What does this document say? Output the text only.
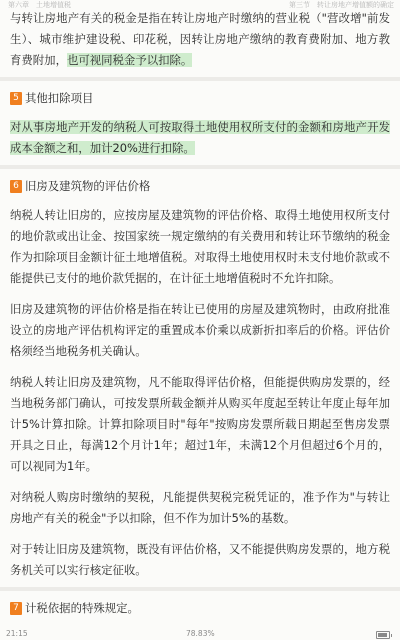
第六章　土地增值税	第三节　转让房地产增值额的确定

与转让房地产有关的税金是指在转让房地产时缴纳的营业税（"营改增"前发生）、城市维护建设税、印花税，因转让房地产缴纳的教育费附加、地方教育费附加，也可视同税金予以扣除。

5 其他扣除项目

对从事房地产开发的纳税人可按取得土地使用权所支付的金额和房地产开发成本金额之和，加计20%进行扣除。

6 旧房及建筑物的评估价格

纳税人转让旧房的，应按房屋及建筑物的评估价格、取得土地使用权所支付的地价款或出让金、按国家统一规定缴纳的有关费用和转让环节缴纳的税金作为扣除项目金额计征土地增值税。对取得土地使用权时未支付地价款或不能提供已支付的地价款凭据的，在计征土地增值税时不允许扣除。

旧房及建筑物的评估价格是指在转让已使用的房屋及建筑物时，由政府批准设立的房地产评估机构评定的重置成本价乘以成新折扣率后的价格。评估价格须经当地税务机关确认。

纳税人转让旧房及建筑物，凡不能取得评估价格，但能提供购房发票的，经当地税务部门确认，可按发票所载金额并从购买年度起至转让年度止每年加计5%计算扣除。计算扣除项目时"每年"按购房发票所载日期起至售房发票开具之日止，每满12个月计1年；超过1年，未满12个月但超过6个月的，可以视同为1年。

对纳税人购房时缴纳的契税，凡能提供契税完税凭证的，准予作为"与转让房地产有关的税金"予以扣除，但不作为加计5%的基数。

对于转让旧房及建筑物，既没有评估价格，又不能提供购房发票的，地方税务机关可以实行核定征收。

7 计税依据的特殊规定。

21:15	78.83%
